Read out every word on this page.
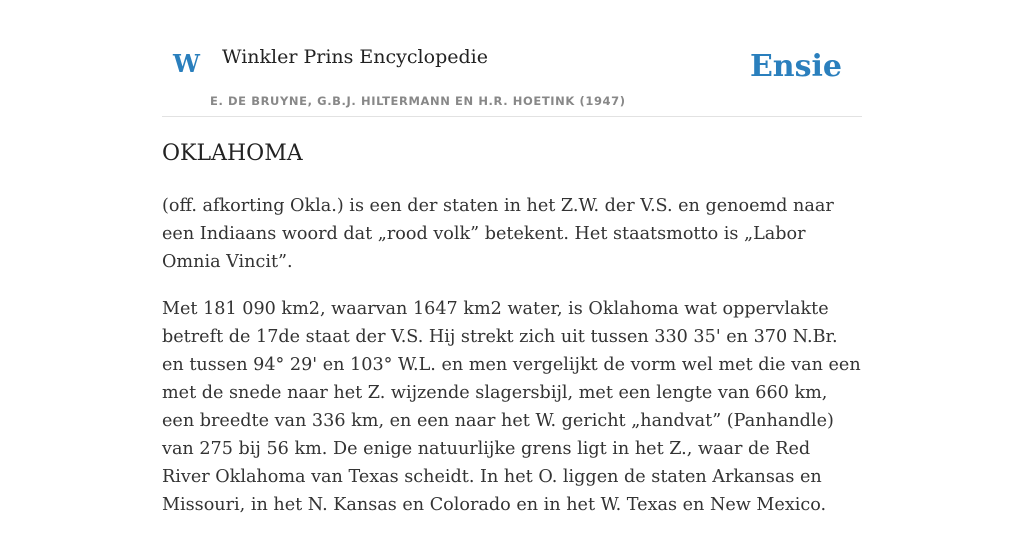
W Winkler Prins Encyclopedie
E. DE BRUYNE, G.B.J. HILTERMANN EN H.R. HOETINK (1947)
Ensie
OKLAHOMA

(off. afkorting Okla.) is een der staten in het Z.W. der V.S. en genoemd naar een Indiaans woord dat „rood volk” betekent. Het staatsmotto is „Labor Omnia Vincit”.

Met 181 090 km2, waarvan 1647 km2 water, is Oklahoma wat oppervlakte betreft de 17de staat der V.S. Hij strekt zich uit tussen 330 35' en 370 N.Br. en tussen 94° 29' en 103° W.L. en men vergelijkt de vorm wel met die van een met de snede naar het Z. wijzende slagersbijl, met een lengte van 660 km, een breedte van 336 km, en een naar het W. gericht „handvat” (Panhandle) van 275 bij 56 km. De enige natuurlijke grens ligt in het Z., waar de Red River Oklahoma van Texas scheidt. In het O. liggen de staten Arkansas en Missouri, in het N. Kansas en Colorado en in het W. Texas en New Mexico.
